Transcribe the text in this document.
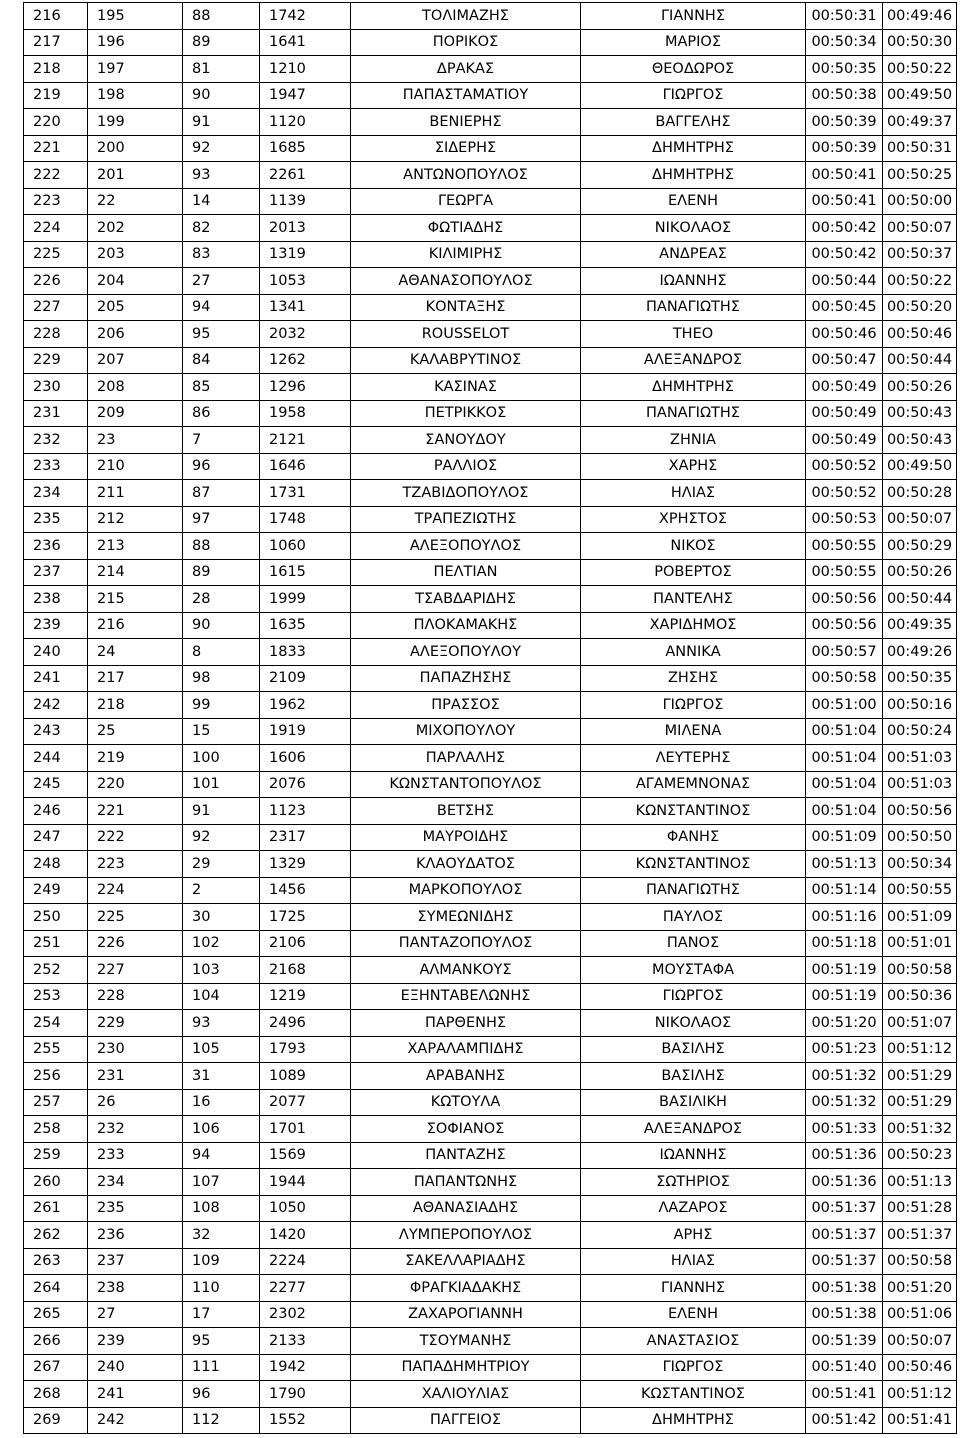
216	195	88	1742	ΤΟΛΙΜΑΖΗΣ	ΓΙΑΝΝΗΣ	00:50:31	00:49:46
217	196	89	1641	ΠΟΡΙΚΟΣ	ΜΑΡΙΟΣ	00:50:34	00:50:30
218	197	81	1210	ΔΡΑΚΑΣ	ΘΕΟΔΩΡΟΣ	00:50:35	00:50:22
219	198	90	1947	ΠΑΠΑΣΤΑΜΑΤΙΟΥ	ΓΙΩΡΓΟΣ	00:50:38	00:49:50
220	199	91	1120	ΒΕΝΙΕΡΗΣ	ΒΑΓΓΕΛΗΣ	00:50:39	00:49:37
221	200	92	1685	ΣΙΔΕΡΗΣ	ΔΗΜΗΤΡΗΣ	00:50:39	00:50:31
222	201	93	2261	ΑΝΤΩΝΟΠΟΥΛΟΣ	ΔΗΜΗΤΡΗΣ	00:50:41	00:50:25
223	22	14	1139	ΓΕΩΡΓΑ	ΕΛΕΝΗ	00:50:41	00:50:00
224	202	82	2013	ΦΩΤΙΑΔΗΣ	ΝΙΚΟΛΑΟΣ	00:50:42	00:50:07
225	203	83	1319	ΚΙΛΙΜΙΡΗΣ	ΑΝΔΡΕΑΣ	00:50:42	00:50:37
226	204	27	1053	ΑΘΑΝΑΣΟΠΟΥΛΟΣ	ΙΩΑΝΝΗΣ	00:50:44	00:50:22
227	205	94	1341	ΚΟΝΤΑΞΗΣ	ΠΑΝΑΓΙΩΤΗΣ	00:50:45	00:50:20
228	206	95	2032	ROUSSELOT	THEO	00:50:46	00:50:46
229	207	84	1262	ΚΑΛΑΒΡΥΤΙΝΟΣ	ΑΛΕΞΑΝΔΡΟΣ	00:50:47	00:50:44
230	208	85	1296	ΚΑΣΙΝΑΣ	ΔΗΜΗΤΡΗΣ	00:50:49	00:50:26
231	209	86	1958	ΠΕΤΡΙΚΚΟΣ	ΠΑΝΑΓΙΩΤΗΣ	00:50:49	00:50:43
232	23	7	2121	ΣΑΝΟΥΔΟΥ	ΖΗΝΙΑ	00:50:49	00:50:43
233	210	96	1646	ΡΑΛΛΙΟΣ	ΧΑΡΗΣ	00:50:52	00:49:50
234	211	87	1731	ΤΖΑΒΙΔΟΠΟΥΛΟΣ	ΗΛΙΑΣ	00:50:52	00:50:28
235	212	97	1748	ΤΡΑΠΕΖΙΩΤΗΣ	ΧΡΗΣΤΟΣ	00:50:53	00:50:07
236	213	88	1060	ΑΛΕΞΟΠΟΥΛΟΣ	ΝΙΚΟΣ	00:50:55	00:50:29
237	214	89	1615	ΠΕΛΤΙΑΝ	ΡΟΒΕΡΤΟΣ	00:50:55	00:50:26
238	215	28	1999	ΤΣΑΒΔΑΡΙΔΗΣ	ΠΑΝΤΕΛΗΣ	00:50:56	00:50:44
239	216	90	1635	ΠΛΟΚΑΜΑΚΗΣ	ΧΑΡΙΔΗΜΟΣ	00:50:56	00:49:35
240	24	8	1833	ΑΛΕΞΟΠΟΥΛΟΥ	ΑΝΝΙΚΑ	00:50:57	00:49:26
241	217	98	2109	ΠΑΠΑΖΗΣΗΣ	ΖΗΣΗΣ	00:50:58	00:50:35
242	218	99	1962	ΠΡΑΣΣΟΣ	ΓΙΩΡΓΟΣ	00:51:00	00:50:16
243	25	15	1919	ΜΙΧΟΠΟΥΛΟΥ	ΜΙΛΕΝΑ	00:51:04	00:50:24
244	219	100	1606	ΠΑΡΛΑΛΗΣ	ΛΕΥΤΕΡΗΣ	00:51:04	00:51:03
245	220	101	2076	ΚΩΝΣΤΑΝΤΟΠΟΥΛΟΣ	ΑΓΑΜΕΜΝΟΝΑΣ	00:51:04	00:51:03
246	221	91	1123	ΒΕΤΣΗΣ	ΚΩΝΣΤΑΝΤΙΝΟΣ	00:51:04	00:50:56
247	222	92	2317	ΜΑΥΡΟΙΔΗΣ	ΦΑΝΗΣ	00:51:09	00:50:50
248	223	29	1329	ΚΛΑΟΥΔΑΤΟΣ	ΚΩΝΣΤΑΝΤΙΝΟΣ	00:51:13	00:50:34
249	224	2	1456	ΜΑΡΚΟΠΟΥΛΟΣ	ΠΑΝΑΓΙΩΤΗΣ	00:51:14	00:50:55
250	225	30	1725	ΣΥΜΕΩΝΙΔΗΣ	ΠΑΥΛΟΣ	00:51:16	00:51:09
251	226	102	2106	ΠΑΝΤΑΖΟΠΟΥΛΟΣ	ΠΑΝΟΣ	00:51:18	00:51:01
252	227	103	2168	ΑΛΜΑΝΚΟΥΣ	ΜΟΥΣΤΑΦΑ	00:51:19	00:50:58
253	228	104	1219	ΕΞΗΝΤΑΒΕΛΩΝΗΣ	ΓΙΩΡΓΟΣ	00:51:19	00:50:36
254	229	93	2496	ΠΑΡΘΕΝΗΣ	ΝΙΚΟΛΑΟΣ	00:51:20	00:51:07
255	230	105	1793	ΧΑΡΑΛΑΜΠΙΔΗΣ	ΒΑΣΙΛΗΣ	00:51:23	00:51:12
256	231	31	1089	ΑΡΑΒΑΝΗΣ	ΒΑΣΙΛΗΣ	00:51:32	00:51:29
257	26	16	2077	ΚΩΤΟΥΛΑ	ΒΑΣΙΛΙΚΗ	00:51:32	00:51:29
258	232	106	1701	ΣΟΦΙΑΝΟΣ	ΑΛΕΞΑΝΔΡΟΣ	00:51:33	00:51:32
259	233	94	1569	ΠΑΝΤΑΖΗΣ	ΙΩΑΝΝΗΣ	00:51:36	00:50:23
260	234	107	1944	ΠΑΠΑΝΤΩΝΗΣ	ΣΩΤΗΡΙΟΣ	00:51:36	00:51:13
261	235	108	1050	ΑΘΑΝΑΣΙΑΔΗΣ	ΛΑΖΑΡΟΣ	00:51:37	00:51:28
262	236	32	1420	ΛΥΜΠΕΡΟΠΟΥΛΟΣ	ΑΡΗΣ	00:51:37	00:51:37
263	237	109	2224	ΣΑΚΕΛΛΑΡΙΑΔΗΣ	ΗΛΙΑΣ	00:51:37	00:50:58
264	238	110	2277	ΦΡΑΓΚΙΑΔΑΚΗΣ	ΓΙΑΝΝΗΣ	00:51:38	00:51:20
265	27	17	2302	ΖΑΧΑΡΟΓΙΑΝΝΗ	ΕΛΕΝΗ	00:51:38	00:51:06
266	239	95	2133	ΤΣΟΥΜΑΝΗΣ	ΑΝΑΣΤΑΣΙΟΣ	00:51:39	00:50:07
267	240	111	1942	ΠΑΠΑΔΗΜΗΤΡΙΟΥ	ΓΙΩΡΓΟΣ	00:51:40	00:50:46
268	241	96	1790	ΧΑΛΙΟΥΛΙΑΣ	ΚΩΣΤΑΝΤΙΝΟΣ	00:51:41	00:51:12
269	242	112	1552	ΠΑΓΓΕΙΟΣ	ΔΗΜΗΤΡΗΣ	00:51:42	00:51:41
